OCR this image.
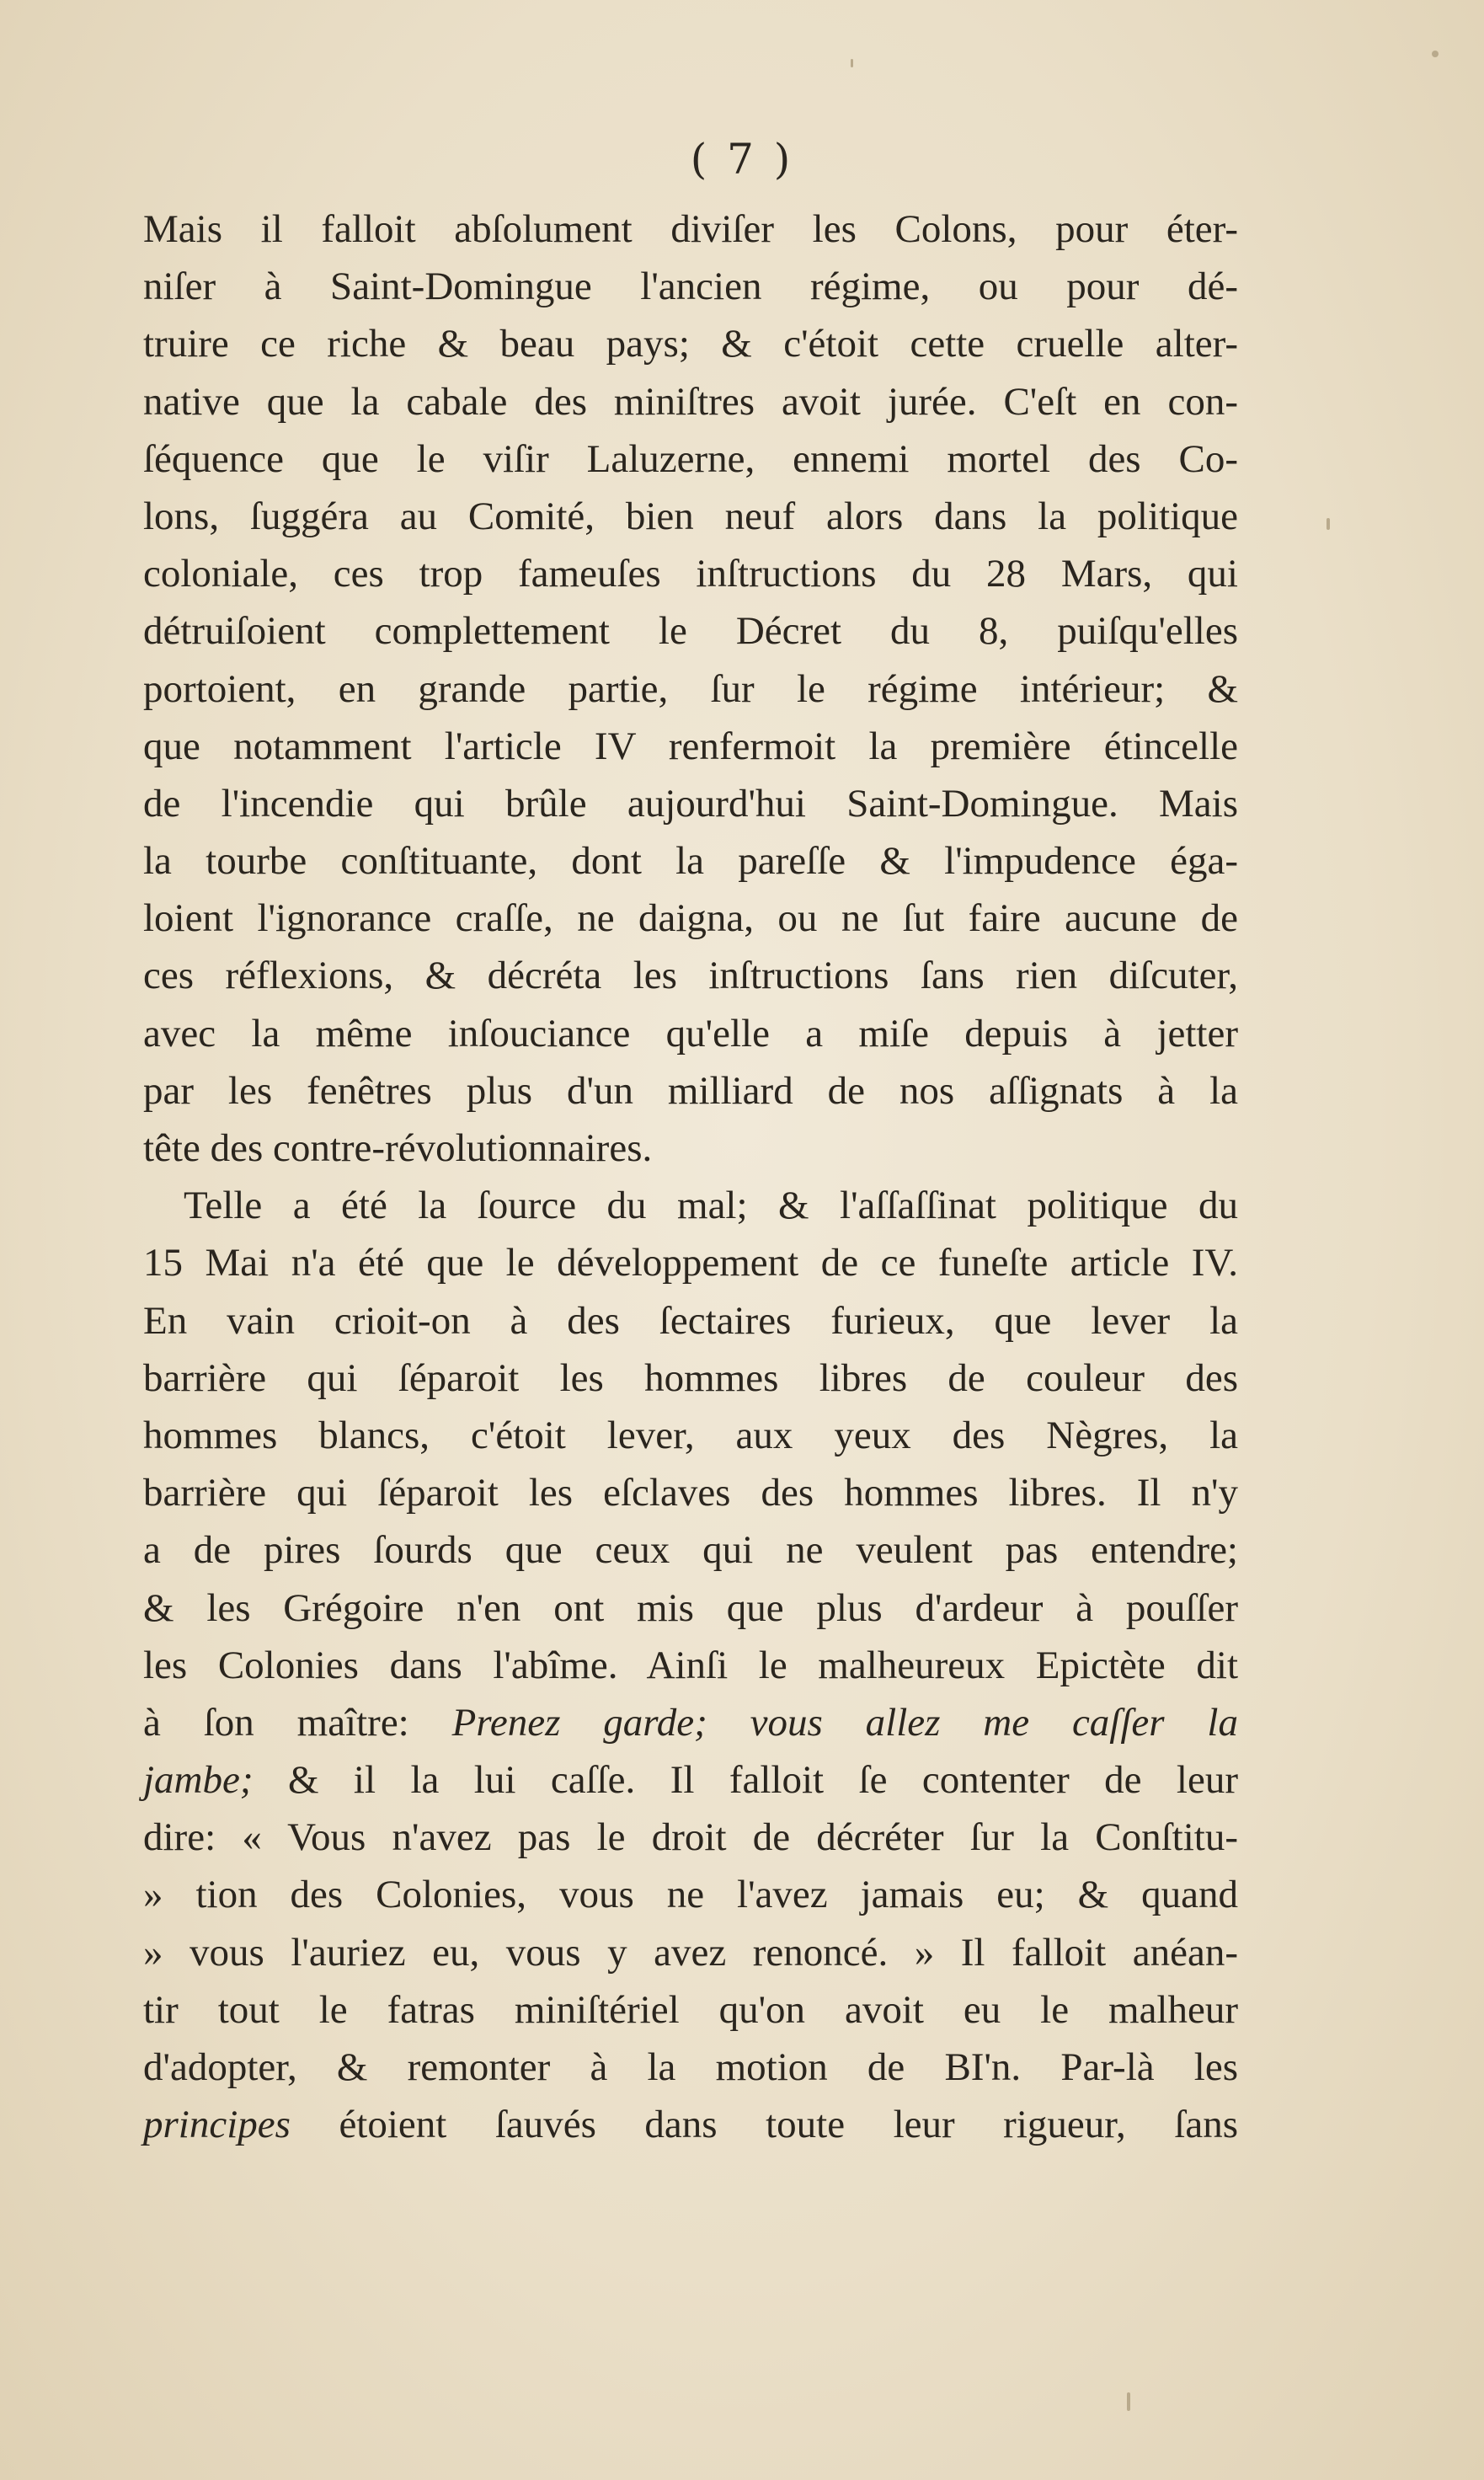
( 7 )
Mais il falloit abſolument diviſer les Colons, pour éter-
niſer à Saint-Domingue l'ancien régime, ou pour dé-
truire ce riche & beau pays; & c'étoit cette cruelle alter-
native que la cabale des miniſtres avoit jurée. C'eſt en con-
ſéquence que le viſir Laluzerne, ennemi mortel des Co-
lons, ſuggéra au Comité, bien neuf alors dans la politique
coloniale, ces trop fameuſes inſtructions du 28 Mars, qui
détruiſoient complettement le Décret du 8, puiſqu'elles
portoient, en grande partie, ſur le régime intérieur; &
que notamment l'article IV renfermoit la première étincelle
de l'incendie qui brûle aujourd'hui Saint-Domingue. Mais
la tourbe conſtituante, dont la pareſſe & l'impudence éga-
loient l'ignorance craſſe, ne daigna, ou ne ſut faire aucune de
ces réflexions, & décréta les inſtructions ſans rien diſcuter,
avec la même inſouciance qu'elle a miſe depuis à jetter
par les fenêtres plus d'un milliard de nos aſſignats à la
tête des contre-révolutionnaires.
Telle a été la ſource du mal; & l'aſſaſſinat politique du
15 Mai n'a été que le développement de ce funeſte article IV.
En vain crioit-on à des ſectaires furieux, que lever la
barrière qui ſéparoit les hommes libres de couleur des
hommes blancs, c'étoit lever, aux yeux des Nègres, la
barrière qui ſéparoit les eſclaves des hommes libres. Il n'y
a de pires ſourds que ceux qui ne veulent pas entendre;
& les Grégoire n'en ont mis que plus d'ardeur à pouſſer
les Colonies dans l'abîme. Ainſi le malheureux Epictète dit
à ſon maître: Prenez garde; vous allez me caſſer la
jambe; & il la lui caſſe. Il falloit ſe contenter de leur
dire: « Vous n'avez pas le droit de décréter ſur la Conſtitu-
» tion des Colonies, vous ne l'avez jamais eu; & quand
» vous l'auriez eu, vous y avez renoncé. » Il falloit anéan-
tir tout le fatras miniſtériel qu'on avoit eu le malheur
d'adopter, & remonter à la motion de BI'n. Par-là les
principes étoient ſauvés dans toute leur rigueur, ſans
